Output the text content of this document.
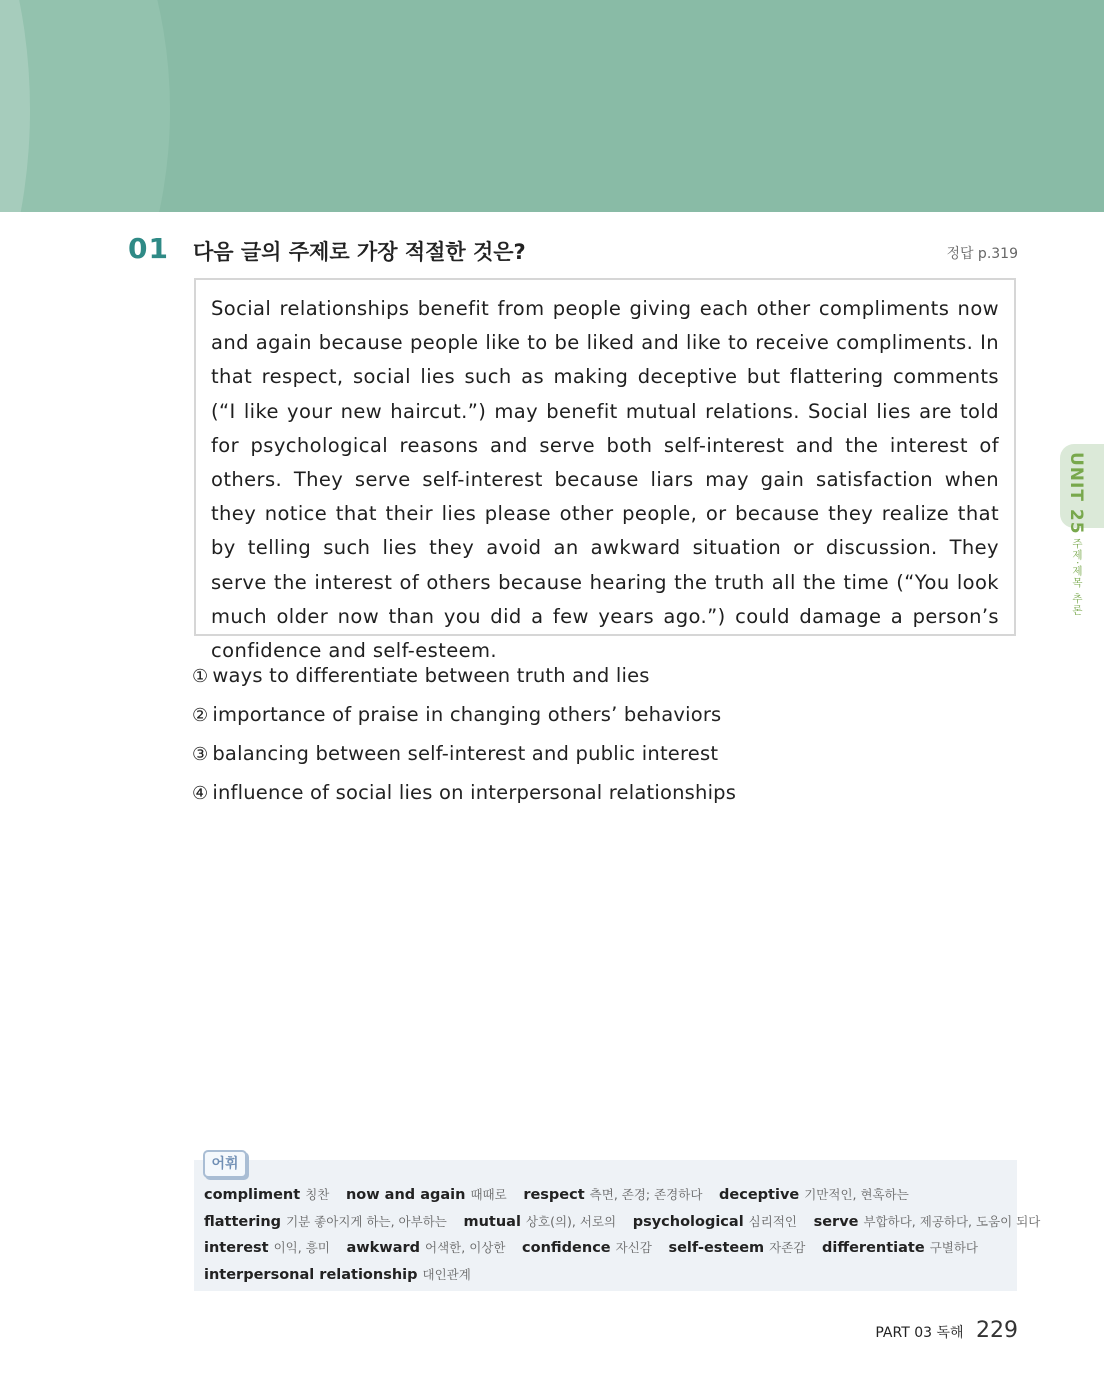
01 다음 글의 주제로 가장 적절한 것은?	정답 p.319
Social relationships benefit from people giving each other compliments now and again because people like to be liked and like to receive compliments. In that respect, social lies such as making deceptive but flattering comments (“I like your new haircut.”) may benefit mutual relations. Social lies are told for psychological reasons and serve both self-interest and the interest of others. They serve self-interest because liars may gain satisfaction when they notice that their lies please other people, or because they realize that by telling such lies they avoid an awkward situation or discussion. They serve the interest of others because hearing the truth all the time (“You look much older now than you did a few years ago.”) could damage a person’s confidence and self-esteem.
① ways to differentiate between truth and lies
② importance of praise in changing others’ behaviors
③ balancing between self-interest and public interest
④ influence of social lies on interpersonal relationships
UNIT 25
주제·제목 추론
어휘
compliment 칭찬 now and again 때때로 respect 측면, 존경; 존경하다 deceptive 기만적인, 현혹하는
flattering 기분 좋아지게 하는, 아부하는 mutual 상호(의), 서로의 psychological 심리적인 serve 부합하다, 제공하다, 도움이 되다
interest 이익, 흥미 awkward 어색한, 이상한 confidence 자신감 self-esteem 자존감 differentiate 구별하다
interpersonal relationship 대인관계
PART 03 독해 229
